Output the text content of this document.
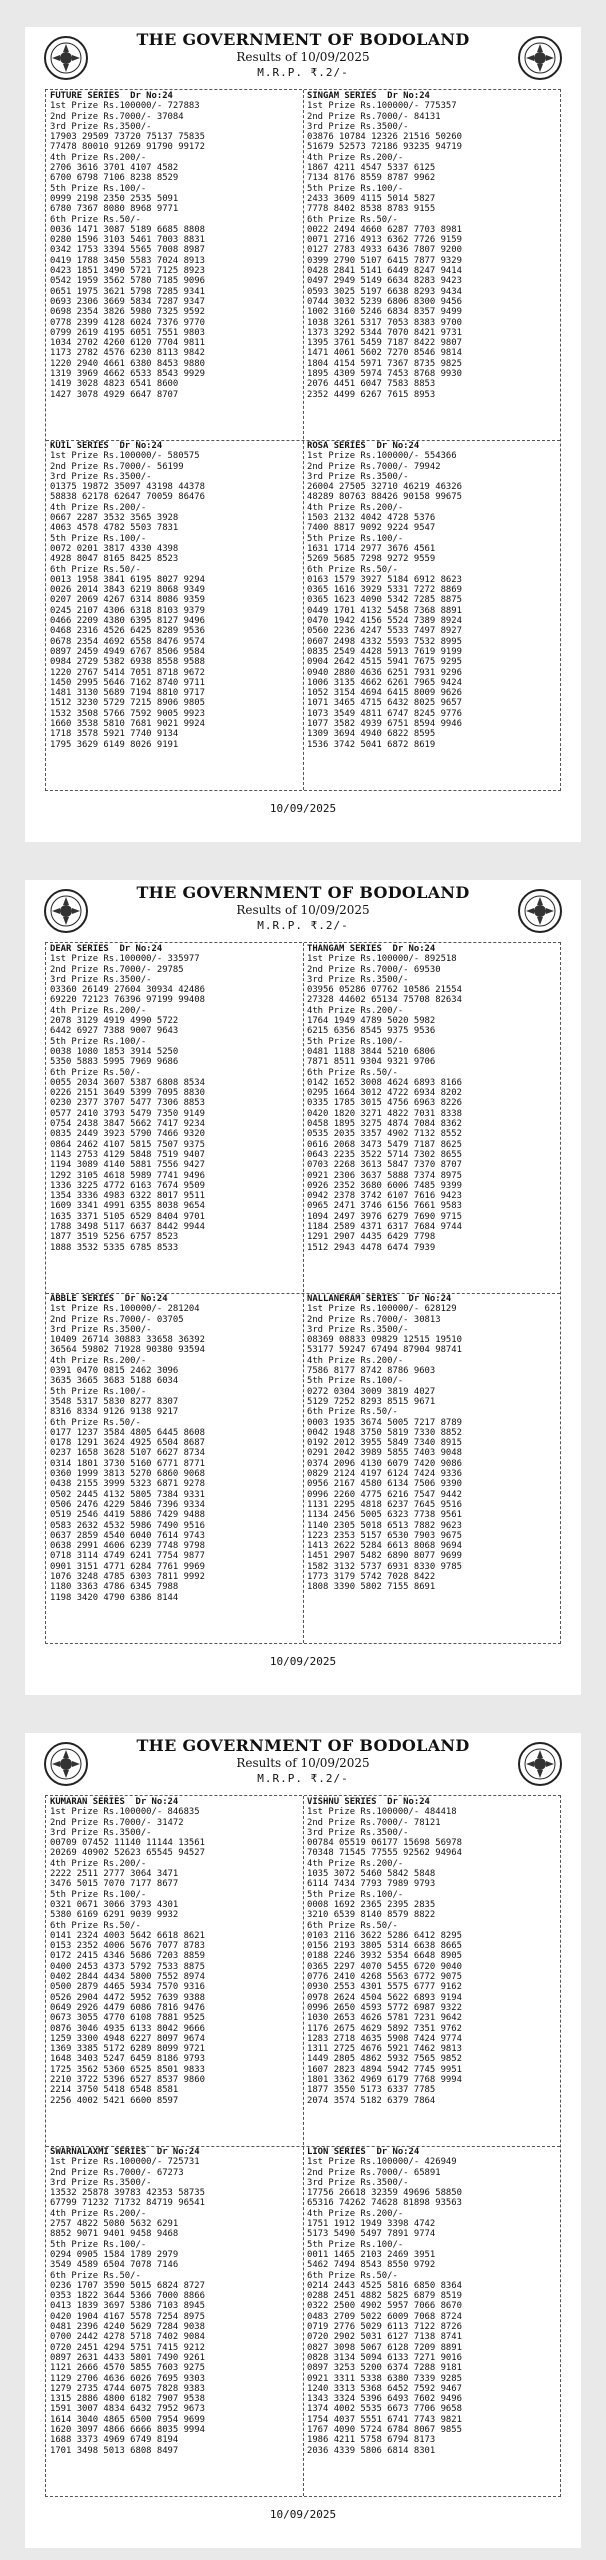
THE GOVERNMENT OF BODOLAND
Results of 10/09/2025
M.R.P. ₹.2/-
FUTURE SERIES  Dr No:24
1st Prize Rs.100000/- 727883
2nd Prize Rs.7000/- 37084
3rd Prize Rs.3500/-
17903 29509 73720 75137 75835
77478 80010 91269 91790 99172
4th Prize Rs.200/-
2706 3616 3701 4107 4582
6700 6798 7106 8238 8529
5th Prize Rs.100/-
0999 2198 2350 2535 5091
6780 7367 8080 8968 9771
6th Prize Rs.50/-
0036 1471 3087 5189 6685 8808
0280 1596 3103 5461 7003 8831
0342 1753 3394 5565 7008 8987
0419 1788 3450 5583 7024 8913
0423 1851 3490 5721 7125 8923
0542 1959 3562 5780 7185 9096
0651 1975 3621 5798 7285 9341
0693 2306 3669 5834 7287 9347
0698 2354 3826 5980 7325 9592
0778 2399 4128 6024 7376 9770
0799 2619 4195 6051 7551 9803
1034 2702 4260 6120 7704 9811
1173 2782 4576 6230 8113 9842
1220 2940 4661 6380 8453 9880
1319 3969 4662 6533 8543 9929
1419 3028 4823 6541 8600
1427 3078 4929 6647 8707
SINGAM SERIES  Dr No:24
1st Prize Rs.100000/- 775357
2nd Prize Rs.7000/- 84131
3rd Prize Rs.3500/-
03876 10784 12326 21516 50260
51679 52573 72186 93235 94719
4th Prize Rs.200/-
1867 4211 4547 5337 6125
7134 8176 8559 8787 9962
5th Prize Rs.100/-
2433 3609 4115 5014 5827
7778 8402 8538 8783 9155
6th Prize Rs.50/-
0022 2494 4660 6287 7703 8981
0071 2716 4913 6362 7726 9159
0127 2783 4933 6436 7807 9200
0399 2790 5107 6415 7877 9329
0428 2841 5141 6449 8247 9414
0497 2949 5149 6634 8283 9423
0593 3025 5197 6638 8293 9434
0744 3032 5239 6806 8300 9456
1002 3160 5246 6834 8357 9499
1038 3261 5317 7053 8383 9700
1373 3292 5344 7070 8421 9731
1395 3761 5459 7187 8422 9807
1471 4061 5602 7270 8546 9814
1804 4154 5971 7367 8735 9825
1895 4309 5974 7453 8768 9930
2076 4451 6047 7583 8853
2352 4499 6267 7615 8953
KUIL SERIES  Dr No:24
1st Prize Rs.100000/- 580575
2nd Prize Rs.7000/- 56199
3rd Prize Rs.3500/-
01375 19872 35097 43198 44378
58838 62178 62647 70059 86476
4th Prize Rs.200/-
0667 2287 3532 3565 3928
4063 4578 4782 5503 7831
5th Prize Rs.100/-
0072 0201 3817 4330 4398
4928 8047 8165 8425 8523
6th Prize Rs.50/-
0013 1958 3841 6195 8027 9294
0026 2014 3843 6219 8068 9349
0207 2069 4267 6314 8086 9359
0245 2107 4306 6318 8103 9379
0466 2209 4380 6395 8127 9496
0468 2316 4526 6425 8289 9536
0678 2354 4692 6558 8476 9574
0897 2459 4949 6767 8506 9584
0984 2729 5382 6938 8558 9588
1220 2767 5414 7051 8718 9672
1450 2995 5646 7162 8740 9711
1481 3130 5689 7194 8810 9717
1512 3230 5729 7215 8906 9805
1532 3508 5766 7592 9005 9923
1660 3538 5810 7681 9021 9924
1718 3578 5921 7740 9134
1795 3629 6149 8026 9191
ROSA SERIES  Dr No:24
1st Prize Rs.100000/- 554366
2nd Prize Rs.7000/- 79942
3rd Prize Rs.3500/-
26004 27505 32710 46219 46326
48289 80763 88426 90158 99675
4th Prize Rs.200/-
1503 2132 4042 4728 5376
7400 8817 9092 9224 9547
5th Prize Rs.100/-
1631 1714 2977 3676 4561
5269 5685 7298 9272 9559
6th Prize Rs.50/-
0163 1579 3927 5184 6912 8623
0365 1616 3929 5331 7272 8869
0365 1623 4090 5342 7285 8875
0449 1701 4132 5458 7368 8891
0470 1942 4156 5524 7389 8924
0560 2236 4247 5533 7497 8927
0607 2498 4332 5593 7532 8995
0835 2549 4428 5913 7619 9199
0904 2642 4515 5941 7675 9295
0940 2880 4636 6251 7931 9296
1006 3135 4662 6261 7965 9424
1052 3154 4694 6415 8009 9626
1071 3465 4715 6432 8025 9657
1073 3549 4811 6747 8245 9776
1077 3582 4939 6751 8594 9946
1309 3694 4940 6822 8595
1536 3742 5041 6872 8619
10/09/2025
THE GOVERNMENT OF BODOLAND
Results of 10/09/2025
M.R.P. ₹.2/-
DEAR SERIES  Dr No:24
1st Prize Rs.100000/- 335977
2nd Prize Rs.7000/- 29785
3rd Prize Rs.3500/-
03360 26149 27604 30934 42486
69220 72123 76396 97199 99408
4th Prize Rs.200/-
2078 3129 4919 4990 5722
6442 6927 7388 9007 9643
5th Prize Rs.100/-
0038 1080 1853 3914 5250
5350 5883 5995 7969 9686
6th Prize Rs.50/-
0055 2034 3607 5387 6808 8534
0226 2151 3649 5399 7095 8830
0230 2377 3707 5477 7306 8853
0577 2410 3793 5479 7350 9149
0754 2438 3847 5662 7417 9234
0835 2449 3923 5790 7466 9320
0864 2462 4107 5815 7507 9375
1143 2753 4129 5848 7519 9407
1194 3089 4140 5881 7556 9427
1292 3105 4618 5989 7741 9496
1336 3225 4772 6163 7674 9509
1354 3336 4983 6322 8017 9511
1609 3341 4991 6355 8038 9654
1635 3371 5105 6529 8404 9701
1788 3498 5117 6637 8442 9944
1877 3519 5256 6757 8523
1888 3532 5335 6785 8533
THANGAM SERIES  Dr No:24
1st Prize Rs.100000/- 892518
2nd Prize Rs.7000/- 69530
3rd Prize Rs.3500/-
03956 05286 07762 10586 21554
27328 44602 65134 75708 82634
4th Prize Rs.200/-
1764 1949 4789 5020 5982
6215 6356 8545 9375 9536
5th Prize Rs.100/-
0481 1188 3844 5210 6806
7871 8511 9304 9321 9706
6th Prize Rs.50/-
0142 1652 3008 4624 6893 8166
0295 1664 3012 4722 6934 8202
0335 1785 3015 4756 6963 8226
0420 1820 3271 4822 7031 8338
0458 1895 3275 4874 7084 8362
0535 2035 3357 4902 7132 8552
0616 2068 3473 5479 7187 8625
0643 2235 3522 5714 7302 8655
0703 2268 3613 5847 7370 8707
0921 2306 3637 5888 7374 8975
0926 2352 3680 6006 7485 9399
0942 2378 3742 6107 7616 9423
0965 2471 3746 6156 7661 9583
1094 2497 3976 6279 7690 9715
1184 2589 4371 6317 7684 9744
1291 2907 4435 6429 7798
1512 2943 4478 6474 7939
ABBLE SERIES  Dr No:24
1st Prize Rs.100000/- 281204
2nd Prize Rs.7000/- 03705
3rd Prize Rs.3500/-
10409 26714 30883 33658 36392
36564 59802 71928 90380 93594
4th Prize Rs.200/-
0391 0470 0815 2462 3096
3635 3665 3683 5188 6034
5th Prize Rs.100/-
3548 5317 5830 8277 8307
8316 8334 9126 9138 9217
6th Prize Rs.50/-
0177 1237 3584 4805 6445 8608
0178 1291 3624 4925 6504 8687
0237 1658 3628 5107 6627 8734
0314 1801 3730 5160 6771 8771
0360 1999 3813 5270 6860 9068
0438 2155 3999 5323 6871 9278
0502 2445 4132 5805 7384 9331
0506 2476 4229 5846 7396 9334
0519 2546 4419 5886 7429 9488
0583 2632 4532 5986 7490 9516
0637 2859 4540 6040 7614 9743
0638 2991 4606 6239 7748 9798
0718 3114 4749 6241 7754 9877
0901 3151 4771 6284 7761 9969
1076 3248 4785 6303 7811 9992
1180 3363 4786 6345 7988
1198 3420 4790 6386 8144
NALLANERAM SERIES  Dr No:24
1st Prize Rs.100000/- 628129
2nd Prize Rs.7000/- 30813
3rd Prize Rs.3500/-
08369 08833 09829 12515 19510
53177 59247 67494 87904 98741
4th Prize Rs.200/-
7586 8177 8742 8786 9603
5th Prize Rs.100/-
0272 0304 3009 3819 4027
5129 7252 8293 8515 9671
6th Prize Rs.50/-
0003 1935 3674 5005 7217 8789
0042 1948 3750 5819 7330 8852
0192 2012 3955 5849 7340 8915
0291 2042 3989 5855 7403 9048
0374 2096 4130 6079 7420 9086
0829 2124 4197 6124 7424 9336
0956 2167 4580 6134 7506 9390
0996 2260 4775 6216 7547 9442
1131 2295 4818 6237 7645 9516
1134 2456 5005 6323 7738 9561
1140 2305 5018 6513 7882 9623
1223 2353 5157 6530 7903 9675
1413 2622 5284 6613 8068 9694
1451 2907 5482 6890 8077 9699
1582 3132 5737 6931 8330 9785
1773 3179 5742 7028 8422
1808 3390 5802 7155 8691
10/09/2025
THE GOVERNMENT OF BODOLAND
Results of 10/09/2025
M.R.P. ₹.2/-
KUMARAN SERIES  Dr No:24
1st Prize Rs.100000/- 846835
2nd Prize Rs.7000/- 31472
3rd Prize Rs.3500/-
00709 07452 11140 11144 13561
20269 40902 52623 65545 94527
4th Prize Rs.200/-
2222 2511 2777 3064 3471
3476 5015 7070 7177 8677
5th Prize Rs.100/-
0321 0671 3066 3793 4301
5380 6169 6291 9039 9932
6th Prize Rs.50/-
0141 2324 4003 5642 6618 8621
0153 2352 4006 5676 7077 8783
0172 2415 4346 5686 7203 8859
0400 2453 4373 5792 7533 8875
0402 2844 4434 5800 7552 8974
0500 2879 4465 5934 7570 9316
0526 2904 4472 5952 7639 9388
0649 2926 4479 6086 7816 9476
0673 3055 4770 6108 7881 9525
0876 3046 4935 6133 8042 9666
1259 3300 4948 6227 8097 9674
1369 3385 5172 6289 8099 9721
1648 3403 5247 6459 8186 9793
1725 3562 5360 6525 8501 9833
2210 3722 5396 6527 8537 9860
2214 3750 5418 6548 8581
2256 4002 5421 6600 8597
VISHNU SERIES  Dr No:24
1st Prize Rs.100000/- 484418
2nd Prize Rs.7000/- 78121
3rd Prize Rs.3500/-
00784 05519 06177 15698 56978
70348 71545 77555 92562 94964
4th Prize Rs.200/-
1035 3072 5460 5842 5848
6114 7434 7793 7989 9793
5th Prize Rs.100/-
0008 1692 2365 2395 2835
3210 6539 8140 8579 8822
6th Prize Rs.50/-
0103 2116 3622 5286 6412 8295
0156 2193 3805 5314 6638 8665
0188 2246 3932 5354 6648 8905
0365 2297 4070 5455 6720 9040
0776 2410 4268 5563 6772 9075
0930 2553 4301 5575 6777 9162
0978 2624 4504 5622 6893 9194
0996 2650 4593 5772 6987 9322
1030 2653 4626 5781 7231 9642
1176 2675 4629 5892 7351 9762
1283 2718 4635 5908 7424 9774
1311 2725 4676 5921 7462 9813
1449 2805 4862 5932 7565 9852
1607 2823 4894 5942 7745 9951
1801 3362 4969 6179 7768 9994
1877 3550 5173 6337 7785
2074 3574 5182 6379 7864
SWARNALAXMI SERIES  Dr No:24
1st Prize Rs.100000/- 725731
2nd Prize Rs.7000/- 67273
3rd Prize Rs.3500/-
13532 25878 39783 42353 58735
67799 71232 71732 84719 96541
4th Prize Rs.200/-
2757 4822 5080 5632 6291
8852 9071 9401 9458 9468
5th Prize Rs.100/-
0294 0905 1584 1789 2979
3549 4589 6504 7078 7146
6th Prize Rs.50/-
0236 1707 3590 5015 6824 8727
0353 1822 3644 5366 7000 8866
0413 1839 3697 5386 7103 8945
0420 1904 4167 5578 7254 8975
0481 2396 4240 5629 7284 9038
0700 2442 4278 5718 7402 9084
0720 2451 4294 5751 7415 9212
0897 2631 4433 5801 7490 9261
1121 2666 4570 5855 7603 9275
1129 2706 4636 6026 7695 9303
1279 2735 4744 6075 7828 9383
1315 2886 4800 6182 7907 9538
1591 3007 4834 6432 7952 9673
1614 3040 4865 6500 7954 9699
1620 3097 4866 6666 8035 9994
1688 3373 4969 6749 8194
1701 3498 5013 6808 8497
LION SERIES  Dr No:24
1st Prize Rs.100000/- 426949
2nd Prize Rs.7000/- 65891
3rd Prize Rs.3500/-
17756 26618 32359 49696 58850
65316 74262 74628 81898 93563
4th Prize Rs.200/-
1751 1912 1949 3398 4742
5173 5490 5497 7891 9774
5th Prize Rs.100/-
0011 1465 2103 2469 3951
5462 7494 8543 8550 9792
6th Prize Rs.50/-
0214 2443 4525 5816 6850 8364
0288 2451 4882 5825 6879 8519
0322 2500 4902 5957 7066 8670
0483 2709 5022 6009 7068 8724
0719 2776 5029 6113 7122 8726
0720 2902 5031 6127 7138 8741
0827 3098 5067 6128 7209 8891
0828 3134 5094 6133 7271 9016
0897 3253 5200 6374 7288 9181
0921 3311 5338 6380 7339 9285
1240 3313 5368 6452 7592 9467
1343 3324 5396 6493 7602 9496
1374 4002 5535 6673 7706 9658
1754 4037 5551 6741 7743 9821
1767 4090 5724 6784 8067 9855
1986 4211 5758 6794 8173
2036 4339 5806 6814 8301
10/09/2025
